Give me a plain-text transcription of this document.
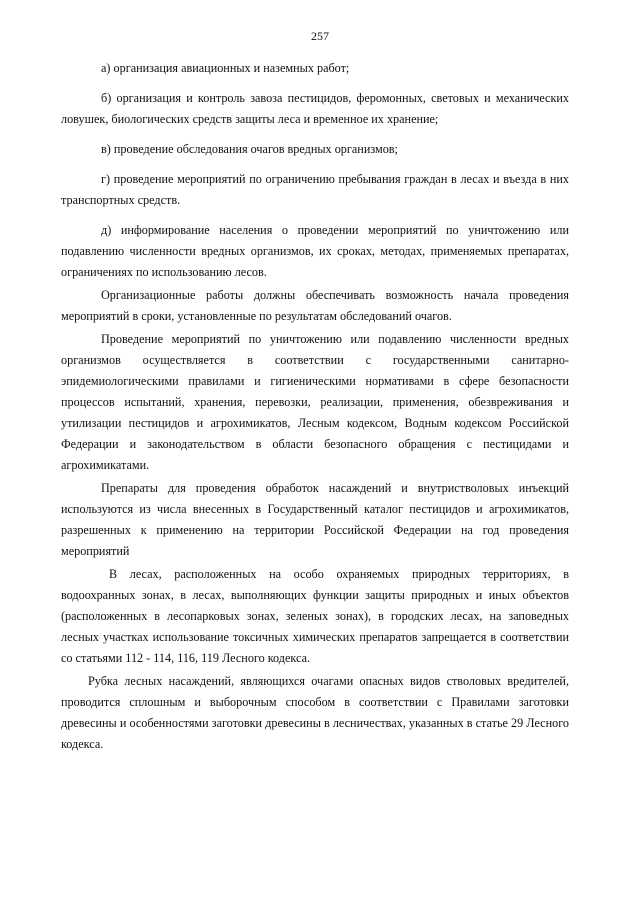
257

а) организация авиационных и наземных работ;

б) организация и контроль завоза пестицидов, феромонных, световых и механических ловушек, биологических средств защиты леса и временное их хранение;

в) проведение обследования очагов вредных организмов;

г) проведение мероприятий по ограничению пребывания граждан в лесах и въезда в них транспортных средств.

д) информирование населения о проведении мероприятий по уничтожению или подавлению численности вредных организмов, их сроках, методах, применяемых препаратах, ограничениях по использованию лесов.

Организационные работы должны обеспечивать возможность начала проведения мероприятий в сроки, установленные по результатам обследований очагов.

Проведение мероприятий по уничтожению или подавлению численности вредных организмов осуществляется в соответствии с государственными санитарно-эпидемиологическими правилами и гигиеническими нормативами в сфере безопасности процессов испытаний, хранения, перевозки, реализации, применения, обезвреживания и утилизации пестицидов и агрохимикатов, Лесным кодексом, Водным кодексом Российской Федерации и законодательством в области безопасного обращения с пестицидами и агрохимикатами.

Препараты для проведения обработок насаждений и внутристволовых инъекций используются из числа внесенных в Государственный каталог пестицидов и агрохимикатов, разрешенных к применению на территории Российской Федерации на год проведения мероприятий

В лесах, расположенных на особо охраняемых природных территориях, в водоохранных зонах, в лесах, выполняющих функции защиты природных и иных объектов (расположенных в лесопарковых зонах, зеленых зонах), в городских лесах, на заповедных лесных участках использование токсичных химических препаратов запрещается в соответствии со статьями 112 - 114, 116, 119 Лесного кодекса.

Рубка лесных насаждений, являющихся очагами опасных видов стволовых вредителей, проводится сплошным и выборочным способом в соответствии с Правилами заготовки древесины и особенностями заготовки древесины в лесничествах, указанных в статье 29 Лесного кодекса.
